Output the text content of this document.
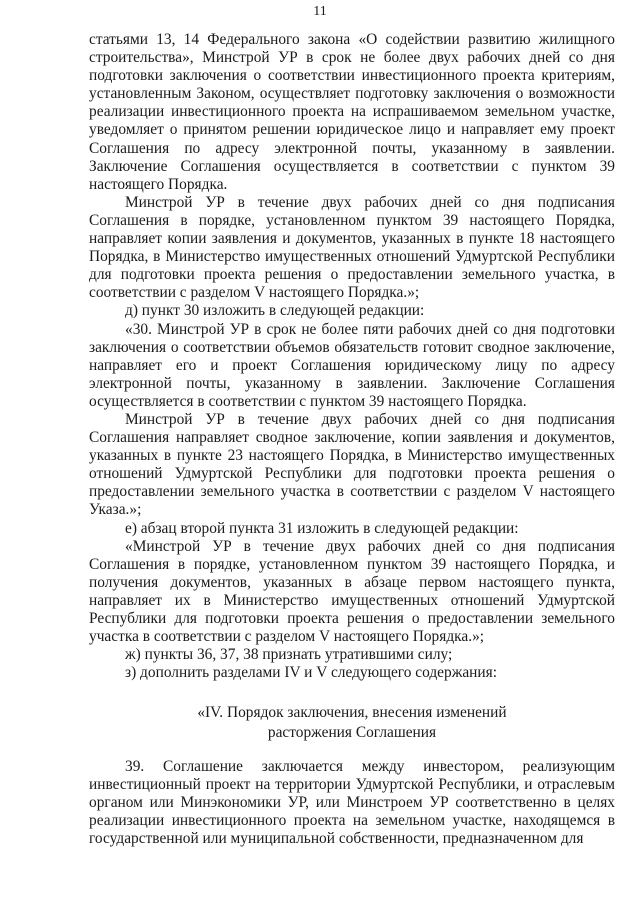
11

статьями 13, 14 Федерального закона «О содействии развитию жилищного строительства», Минстрой УР в срок не более двух рабочих дней со дня подготовки заключения о соответствии инвестиционного проекта критериям, установленным Законом, осуществляет подготовку заключения о возможности реализации инвестиционного проекта на испрашиваемом земельном участке, уведомляет о принятом решении юридическое лицо и направляет ему проект Соглашения по адресу электронной почты, указанному в заявлении. Заключение Соглашения осуществляется в соответствии с пунктом 39 настоящего Порядка.

Минстрой УР в течение двух рабочих дней со дня подписания Соглашения в порядке, установленном пунктом 39 настоящего Порядка, направляет копии заявления и документов, указанных в пункте 18 настоящего Порядка, в Министерство имущественных отношений Удмуртской Республики для подготовки проекта решения о предоставлении земельного участка, в соответствии с разделом V настоящего Порядка.»;

д) пункт 30 изложить в следующей редакции:

«30. Минстрой УР в срок не более пяти рабочих дней со дня подготовки заключения о соответствии объемов обязательств готовит сводное заключение, направляет его и проект Соглашения юридическому лицу по адресу электронной почты, указанному в заявлении. Заключение Соглашения осуществляется в соответствии с пунктом 39 настоящего Порядка.

Минстрой УР в течение двух рабочих дней со дня подписания Соглашения направляет сводное заключение, копии заявления и документов, указанных в пункте 23 настоящего Порядка, в Министерство имущественных отношений Удмуртской Республики для подготовки проекта решения о предоставлении земельного участка в соответствии с разделом V настоящего Указа.»;

е) абзац второй пункта 31 изложить в следующей редакции:

«Минстрой УР в течение двух рабочих дней со дня подписания Соглашения в порядке, установленном пунктом 39 настоящего Порядка, и получения документов, указанных в абзаце первом настоящего пункта, направляет их в Министерство имущественных отношений Удмуртской Республики для подготовки проекта решения о предоставлении земельного участка в соответствии с разделом V настоящего Порядка.»;

ж) пункты 36, 37, 38 признать утратившими силу;

з) дополнить разделами IV и V следующего содержания:

«IV. Порядок заключения, внесения изменений
расторжения Соглашения

39. Соглашение заключается между инвестором, реализующим инвестиционный проект на территории Удмуртской Республики, и отраслевым органом или Минэкономики УР, или Минстроем УР соответственно в целях реализации инвестиционного проекта на земельном участке, находящемся в государственной или муниципальной собственности, предназначенном для
